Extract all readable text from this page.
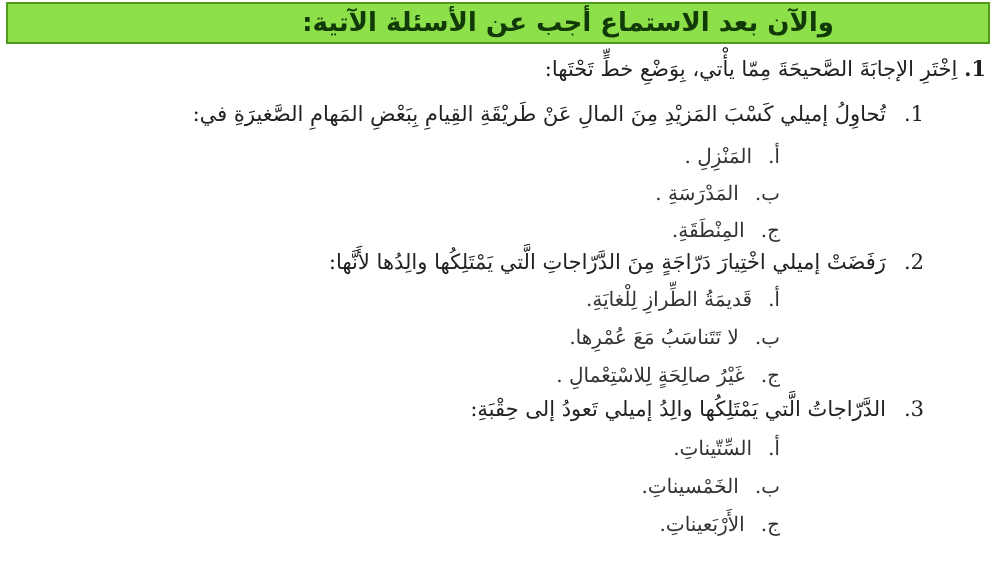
والآن بعد الاستماع أجب عن الأسئلة الآتية:
1. اِخْتَرِ الإجابَةَ الصَّحيحَةَ مِمّا يأْتي، بِوَضْعِ خطٍّ تَحْتَها:
1.تُحاوِلُ إميلي كَسْبَ المَزيْدِ مِنَ المالِ عَنْ طَريْقَةِ القِيامِ بِبَعْضِ المَهامِ الصَّغيرَةِ في:
أ.المَنْزِلِ .
ب.المَدْرَسَةِ .
ج.المِنْطَقَةِ.
2.رَفَضَتْ إميلي اخْتِيارَ دَرّاجَةٍ مِنَ الدَّرّاجاتِ الَّتي يَمْتَلِكُها والِدُها لأَنَّها:
أ.قَديمَةُ الطِّرازِ لِلْغايَةِ.
ب.لا تَتَناسَبُ مَعَ عُمْرِها.
ج.غَيْرُ صالِحَةٍ لِلاسْتِعْمالِ .
3.الدَّرّاجاتُ الَّتي يَمْتَلِكُها والِدُ إميلي تَعودُ إلى حِقْبَةِ:
أ.السِّتّيناتِ.
ب.الخَمْسيناتِ.
ج.الأَرْبَعيناتِ.
